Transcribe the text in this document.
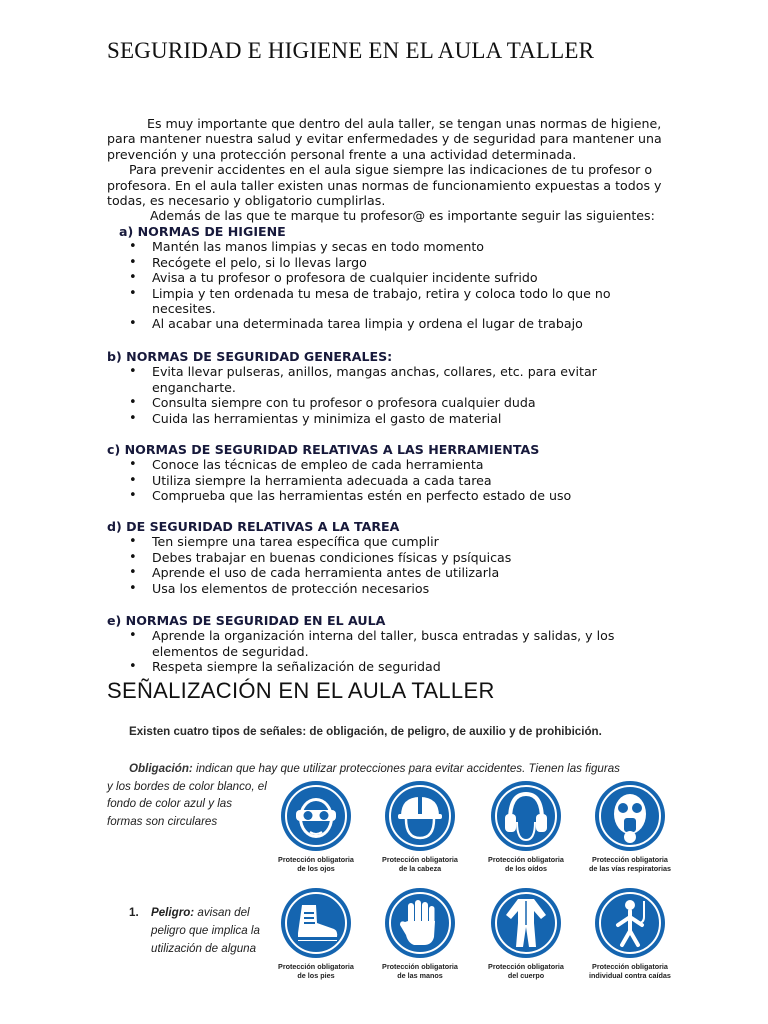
SEGURIDAD E HIGIENE EN EL AULA TALLER

Es muy importante que dentro del aula taller, se tengan unas normas de higiene, para mantener nuestra salud y evitar enfermedades y de seguridad para mantener una prevención y una protección personal frente a una actividad determinada.

Para prevenir accidentes en el aula sigue siempre las indicaciones de tu profesor o profesora. En el aula taller existen unas normas de funcionamiento expuestas a todos y todas, es necesario y obligatorio cumplirlas.

Además de las que te marque tu profesor@ es importante seguir las siguientes:

a) NORMAS DE HIGIENE

• Mantén las manos limpias y secas en todo momento
• Recógete el pelo, si lo llevas largo
• Avisa a tu profesor o profesora de cualquier incidente sufrido
• Limpia y ten ordenada tu mesa de trabajo, retira y coloca todo lo que no necesites.
• Al acabar una determinada tarea limpia y ordena el lugar de trabajo

b) NORMAS DE SEGURIDAD GENERALES:

• Evita llevar pulseras, anillos, mangas anchas, collares, etc. para evitar engancharte.
• Consulta siempre con tu profesor o profesora cualquier duda
• Cuida las herramientas y minimiza el gasto de material

c) NORMAS DE SEGURIDAD RELATIVAS A LAS HERRAMIENTAS

• Conoce las técnicas de empleo de cada herramienta
• Utiliza siempre la herramienta adecuada a cada tarea
• Comprueba que las herramientas estén en perfecto estado de uso

d) DE SEGURIDAD RELATIVAS A LA TAREA

• Ten siempre una tarea específica que cumplir
• Debes trabajar en buenas condiciones físicas y psíquicas
• Aprende el uso de cada herramienta antes de utilizarla
• Usa los elementos de protección necesarios

e) NORMAS DE SEGURIDAD EN EL AULA

• Aprende la organización interna del taller, busca entradas y salidas, y los elementos de seguridad.
• Respeta siempre la señalización de seguridad
SEÑALIZACIÓN EN EL AULA TALLER

Existen cuatro tipos de señales: de obligación, de peligro, de auxilio y de prohibición.

Obligación: indican que hay que utilizar protecciones para evitar accidentes. Tienen las figuras
y los bordes de color blanco, el fondo de color azul y las formas son circulares

1.	Peligro: avisan del peligro que implica la utilización de alguna
Protección obligatoria
de los ojos
Protección obligatoria
de la cabeza
Protección obligatoria
de los oídos
Protección obligatoria
de las vías respiratorias
Protección obligatoria
de los pies
Protección obligatoria
de las manos
Protección obligatoria
del cuerpo
Protección obligatoria
individual contra caídas
